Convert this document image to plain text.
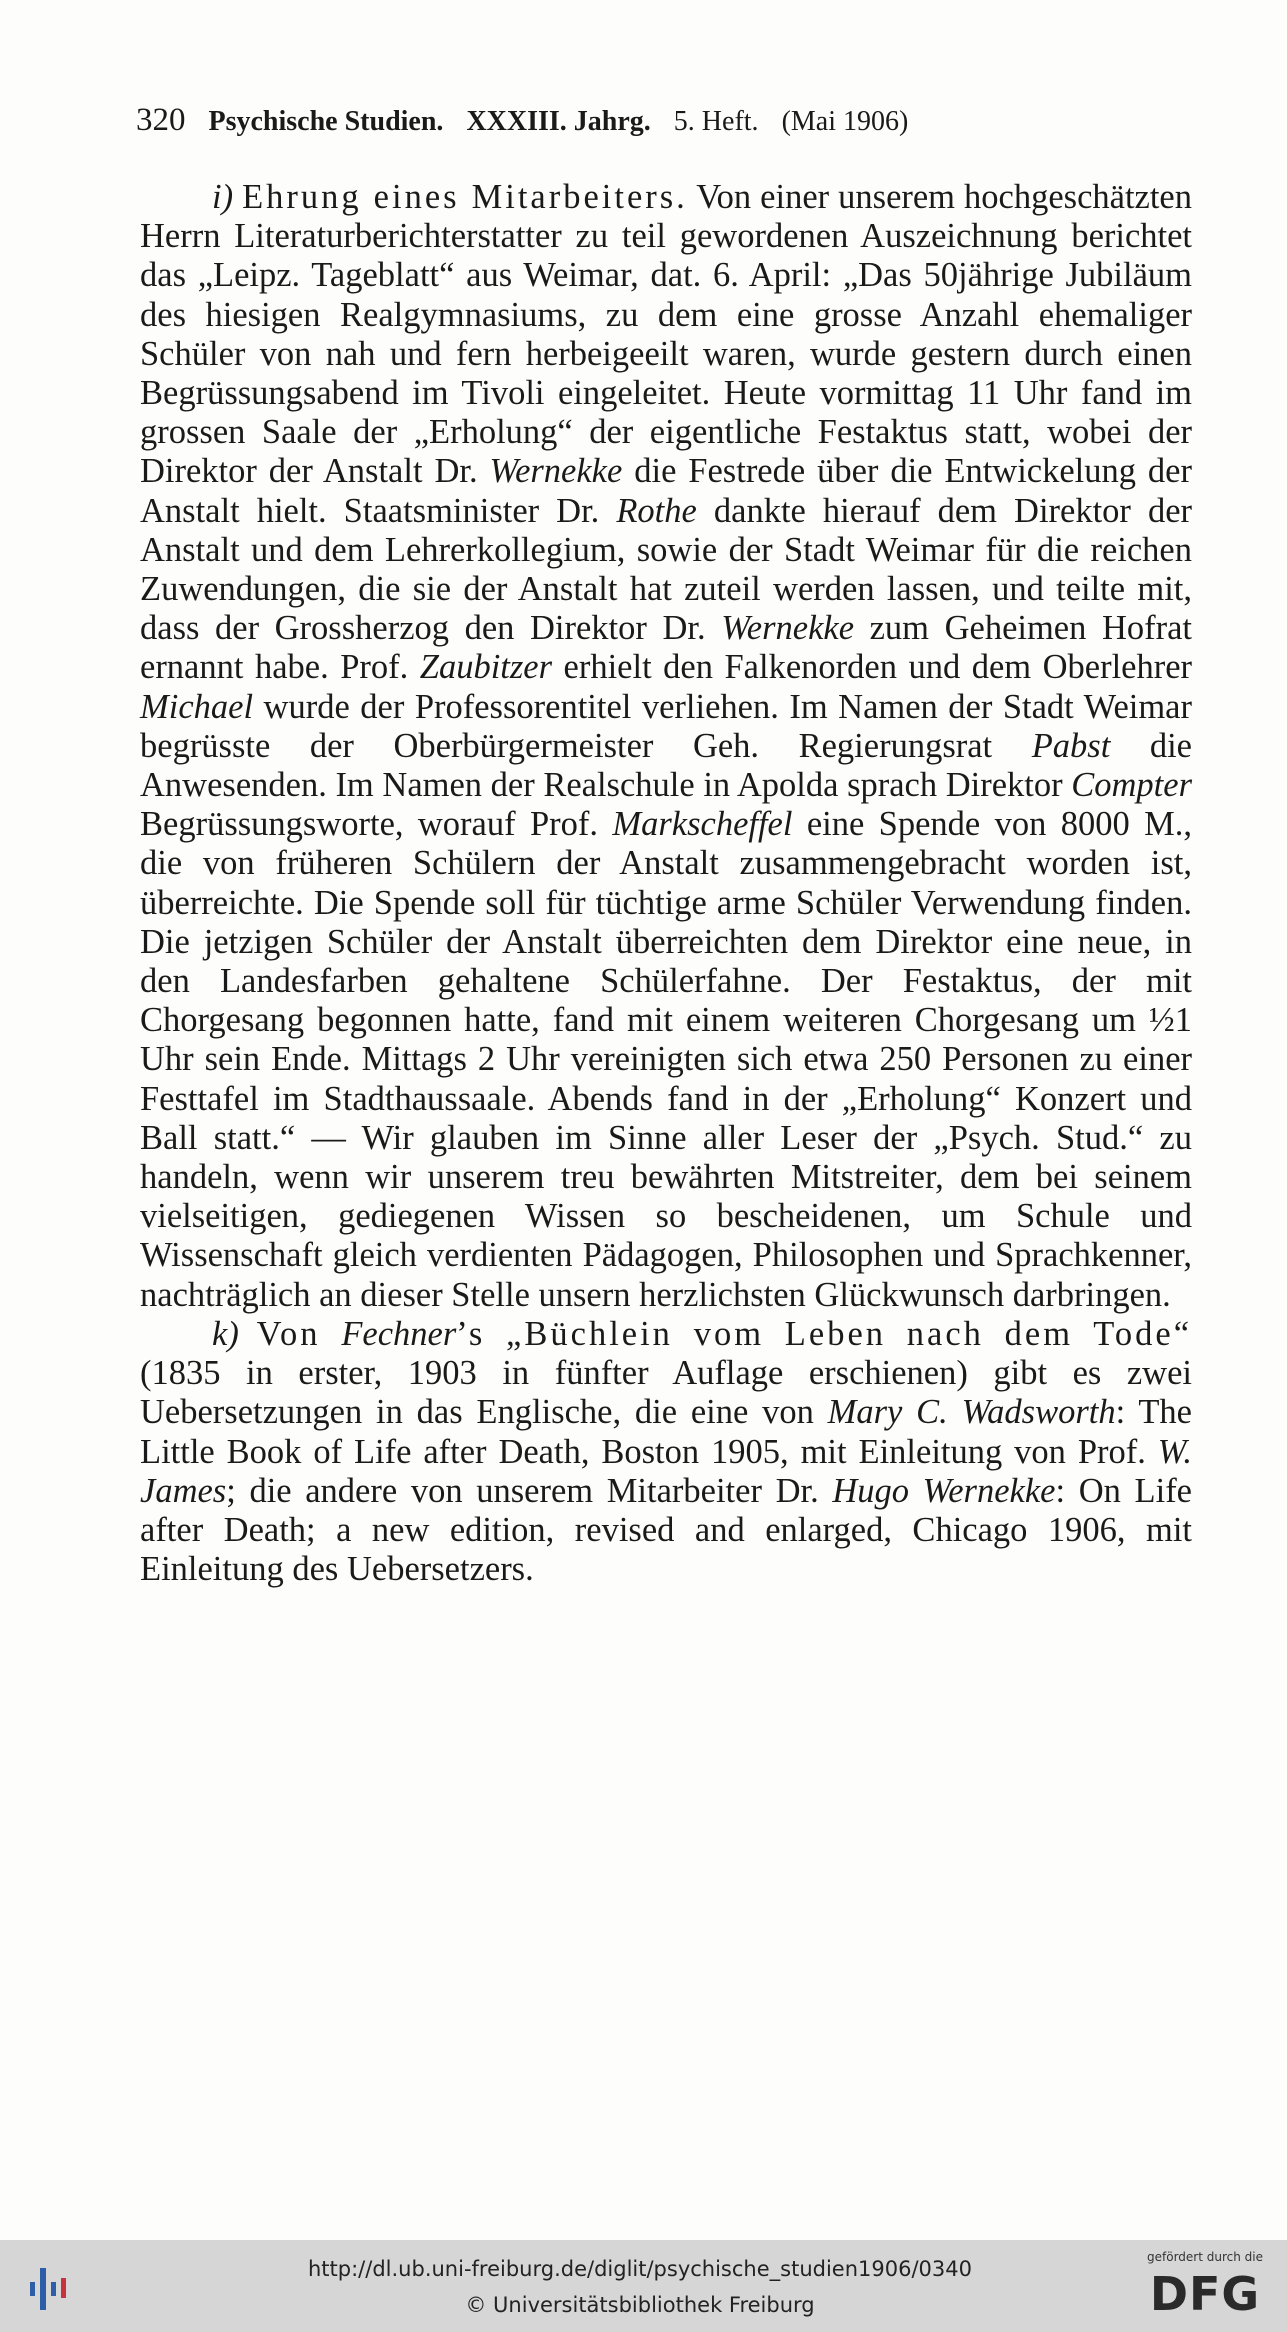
320 Psychische Studien. XXXIII. Jahrg. 5. Heft. (Mai 1906)

i) Ehrung eines Mitarbeiters. Von einer unserem hochgeschätzten Herrn Literaturberichterstatter zu teil gewordenen Auszeichnung berichtet das „Leipz. Tageblatt“ aus Weimar, dat. 6. April: „Das 50jährige Jubiläum des hiesigen Realgymnasiums, zu dem eine grosse Anzahl ehemaliger Schüler von nah und fern herbeigeeilt waren, wurde gestern durch einen Begrüssungsabend im Tivoli eingeleitet. Heute vormittag 11 Uhr fand im grossen Saale der „Erholung“ der eigentliche Festaktus statt, wobei der Direktor der Anstalt Dr. Wernekke die Festrede über die Entwickelung der Anstalt hielt. Staatsminister Dr. Rothe dankte hierauf dem Direktor der Anstalt und dem Lehrerkollegium, sowie der Stadt Weimar für die reichen Zuwendungen, die sie der Anstalt hat zuteil werden lassen, und teilte mit, dass der Grossherzog den Direktor Dr. Wernekke zum Geheimen Hofrat ernannt habe. Prof. Zaubitzer erhielt den Falkenorden und dem Oberlehrer Michael wurde der Professorentitel verliehen. Im Namen der Stadt Weimar begrüsste der Oberbürgermeister Geh. Regierungsrat Pabst die Anwesenden. Im Namen der Realschule in Apolda sprach Direktor Compter Begrüssungsworte, worauf Prof. Markscheffel eine Spende von 8000 M., die von früheren Schülern der Anstalt zusammengebracht worden ist, überreichte. Die Spende soll für tüchtige arme Schüler Verwendung finden. Die jetzigen Schüler der Anstalt überreichten dem Direktor eine neue, in den Landesfarben gehaltene Schülerfahne. Der Festaktus, der mit Chorgesang begonnen hatte, fand mit einem weiteren Chorgesang um ½1 Uhr sein Ende. Mittags 2 Uhr vereinigten sich etwa 250 Personen zu einer Festtafel im Stadthaussaale. Abends fand in der „Erholung“ Konzert und Ball statt.“ — Wir glauben im Sinne aller Leser der „Psych. Stud.“ zu handeln, wenn wir unserem treu bewährten Mitstreiter, dem bei seinem vielseitigen, gediegenen Wissen so bescheidenen, um Schule und Wissenschaft gleich verdienten Pädagogen, Philosophen und Sprachkenner, nachträglich an dieser Stelle unsern herzlichsten Glückwunsch darbringen.

k) Von Fechner’s „Büchlein vom Leben nach dem Tode“ (1835 in erster, 1903 in fünfter Auflage erschienen) gibt es zwei Uebersetzungen in das Englische, die eine von Mary C. Wadsworth: The Little Book of Life after Death, Boston 1905, mit Einleitung von Prof. W. James; die andere von unserem Mitarbeiter Dr. Hugo Wernekke: On Life after Death; a new edition, revised and enlarged, Chicago 1906, mit Einleitung des Uebersetzers.

http://dl.ub.uni-freiburg.de/diglit/psychische_studien1906/0340
© Universitätsbibliothek Freiburg
gefördert durch die
DFG
